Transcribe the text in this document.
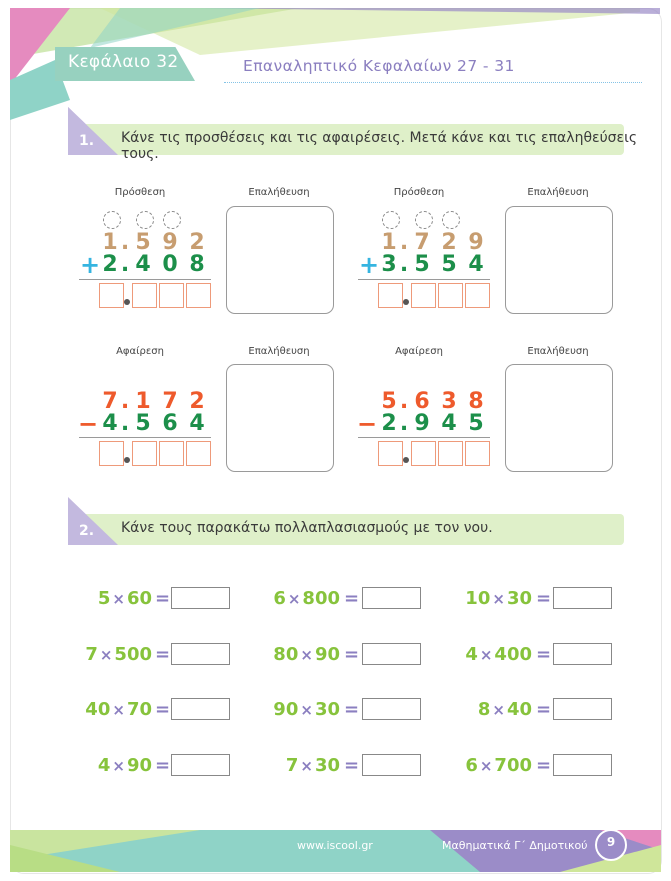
Κεφάλαιο 32	Επαναληπτικό Κεφαλαίων 27 - 31
1. Κάνε τις προσθέσεις και τις αφαιρέσεις. Μετά κάνε και τις επαληθεύσεις τους.
Πρόσθεση	Επαλήθευση
1 . 5 9 2
+ 2 . 4 0 8
Πρόσθεση	Επαλήθευση
1 . 7 2 9
+ 3 . 5 5 4
Αφαίρεση	Επαλήθευση
7 . 1 7 2
− 4 . 5 6 4
Αφαίρεση	Επαλήθευση
5 . 6 3 8
− 2 . 9 4 5
2. Κάνε τους παρακάτω πολλαπλασιασμούς με τον νου.
5 × 60 =	6 × 800 =	10 × 30 =
7 × 500 =	80 × 90 =	4 × 400 =
40 × 70 =	90 × 30 =	8 × 40 =
4 × 90 =	7 × 30 =	6 × 700 =
www.iscool.gr	Μαθηματικά Γ΄ Δημοτικού	9
